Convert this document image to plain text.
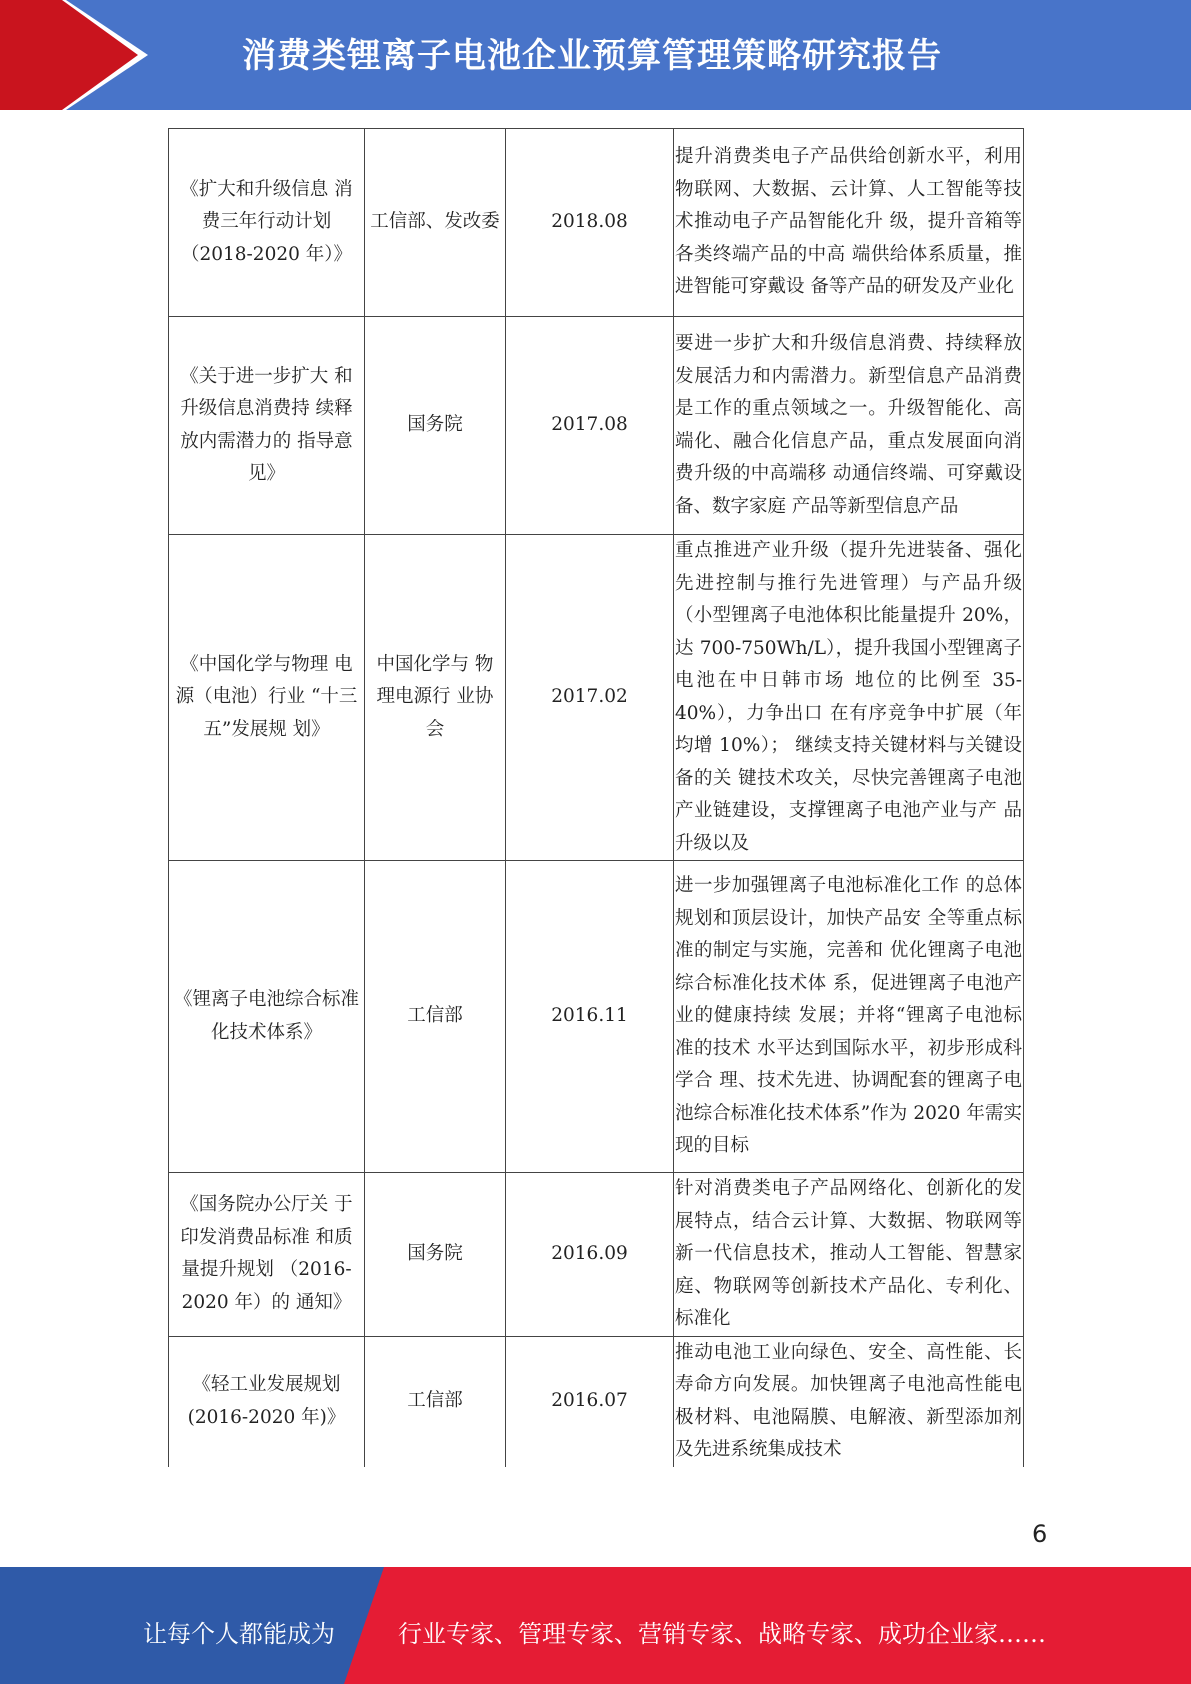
消费类锂离子电池企业预算管理策略研究报告
《扩大和升级信息 消费三年行动计划（2018-2020 年）》	工信部、发改委	2018.08	提升消费类电子产品供给创新水平，利用物联网、大数据、云计算、人工智能等技术推动电子产品智能化升 级，提升音箱等各类终端产品的中高 端供给体系质量，推进智能可穿戴设 备等产品的研发及产业化
《关于进一步扩大 和升级信息消费持 续释放内需潜力的 指导意见》	国务院	2017.08	要进一步扩大和升级信息消费、持续释放发展活力和内需潜力。新型信息产品消费是工作的重点领域之一。升级智能化、高端化、融合化信息产品，重点发展面向消费升级的中高端移 动通信终端、可穿戴设备、数字家庭 产品等新型信息产品
《中国化学与物理 电源（电池）行业 “十三五”发展规 划》	中国化学与 物理电源行 业协会	2017.02	重点推进产业升级（提升先进装备、强化先进控制与推行先进管理）与产品升级（小型锂离子电池体积比能量提升 20%，达 700-750Wh/L），提升我国小型锂离子电池在中日韩市场 地位的比例至 35-40%），力争出口 在有序竞争中扩展（年均增 10%）； 继续支持关键材料与关键设备的关 键技术攻关，尽快完善锂离子电池产业链建设，支撑锂离子电池产业与产 品升级以及
《锂离子电池综合标准化技术体系》	工信部	2016.11	进一步加强锂离子电池标准化工作 的总体规划和顶层设计，加快产品安 全等重点标准的制定与实施，完善和 优化锂离子电池综合标准化技术体 系，促进锂离子电池产业的健康持续 发展；并将“锂离子电池标准的技术 水平达到国际水平，初步形成科学合 理、技术先进、协调配套的锂离子电 池综合标准化技术体系”作为 2020 年需实现的目标
《国务院办公厅关 于印发消费品标准 和质量提升规划 （2016-2020 年）的 通知》	国务院	2016.09	针对消费类电子产品网络化、创新化的发展特点，结合云计算、大数据、物联网等新一代信息技术，推动人工智能、智慧家庭、物联网等创新技术产品化、专利化、标准化
《轻工业发展规划 (2016-2020 年)》	工信部	2016.07	推动电池工业向绿色、安全、高性能、长寿命方向发展。加快锂离子电池高性能电极材料、电池隔膜、电解液、新型添加剂及先进系统集成技术
6
让每个人都能成为	行业专家、管理专家、营销专家、战略专家、成功企业家……
